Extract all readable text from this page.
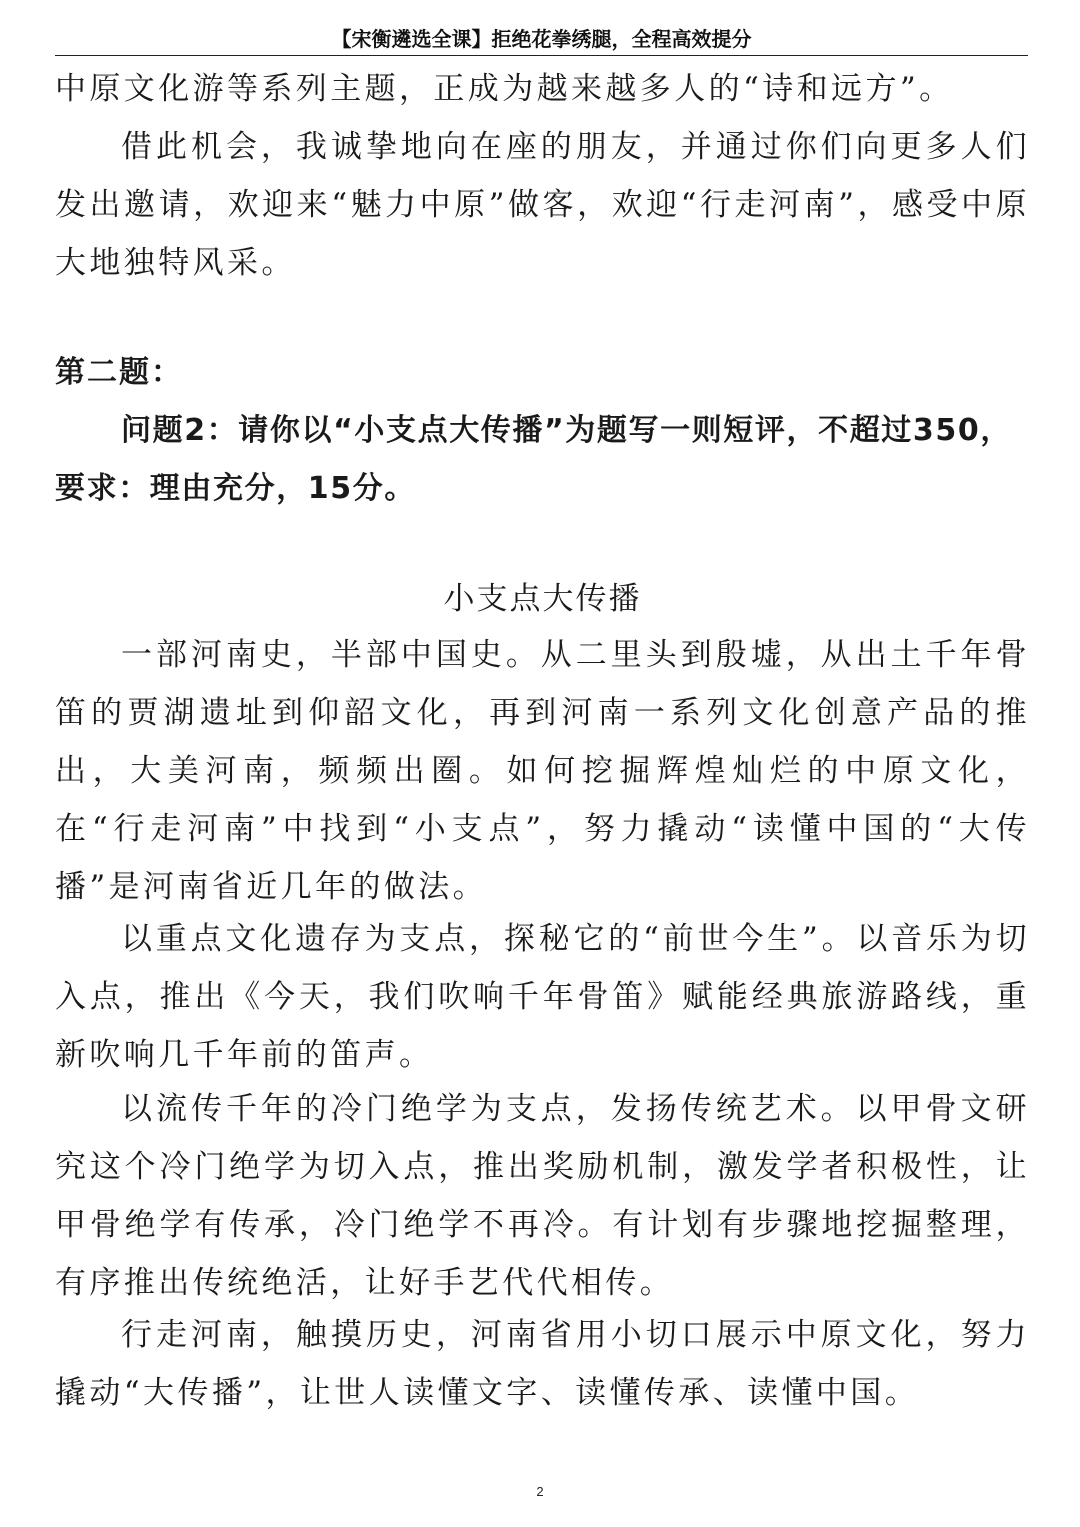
【宋衡遴选全课】拒绝花拳绣腿，全程高效提分

中原文化游等系列主题，正成为越来越多人的“诗和远方”。

借此机会，我诚挚地向在座的朋友，并通过你们向更多人们发出邀请，欢迎来“魅力中原”做客，欢迎“行走河南”，感受中原大地独特风采。

第二题：

问题2：请你以“小支点大传播”为题写一则短评，不超过350，要求：理由充分，15分。

小支点大传播

一部河南史，半部中国史。从二里头到殷墟，从出土千年骨笛的贾湖遗址到仰韶文化，再到河南一系列文化创意产品的推出，大美河南，频频出圈。如何挖掘辉煌灿烂的中原文化，在“行走河南”中找到“小支点”，努力撬动“读懂中国的“大传播”是河南省近几年的做法。

以重点文化遗存为支点，探秘它的“前世今生”。以音乐为切入点，推出《今天，我们吹响千年骨笛》赋能经典旅游路线，重新吹响几千年前的笛声。

以流传千年的冷门绝学为支点，发扬传统艺术。以甲骨文研究这个冷门绝学为切入点，推出奖励机制，激发学者积极性，让甲骨绝学有传承，冷门绝学不再冷。有计划有步骤地挖掘整理，有序推出传统绝活，让好手艺代代相传。

行走河南，触摸历史，河南省用小切口展示中原文化，努力撬动“大传播”，让世人读懂文字、读懂传承、读懂中国。

2
